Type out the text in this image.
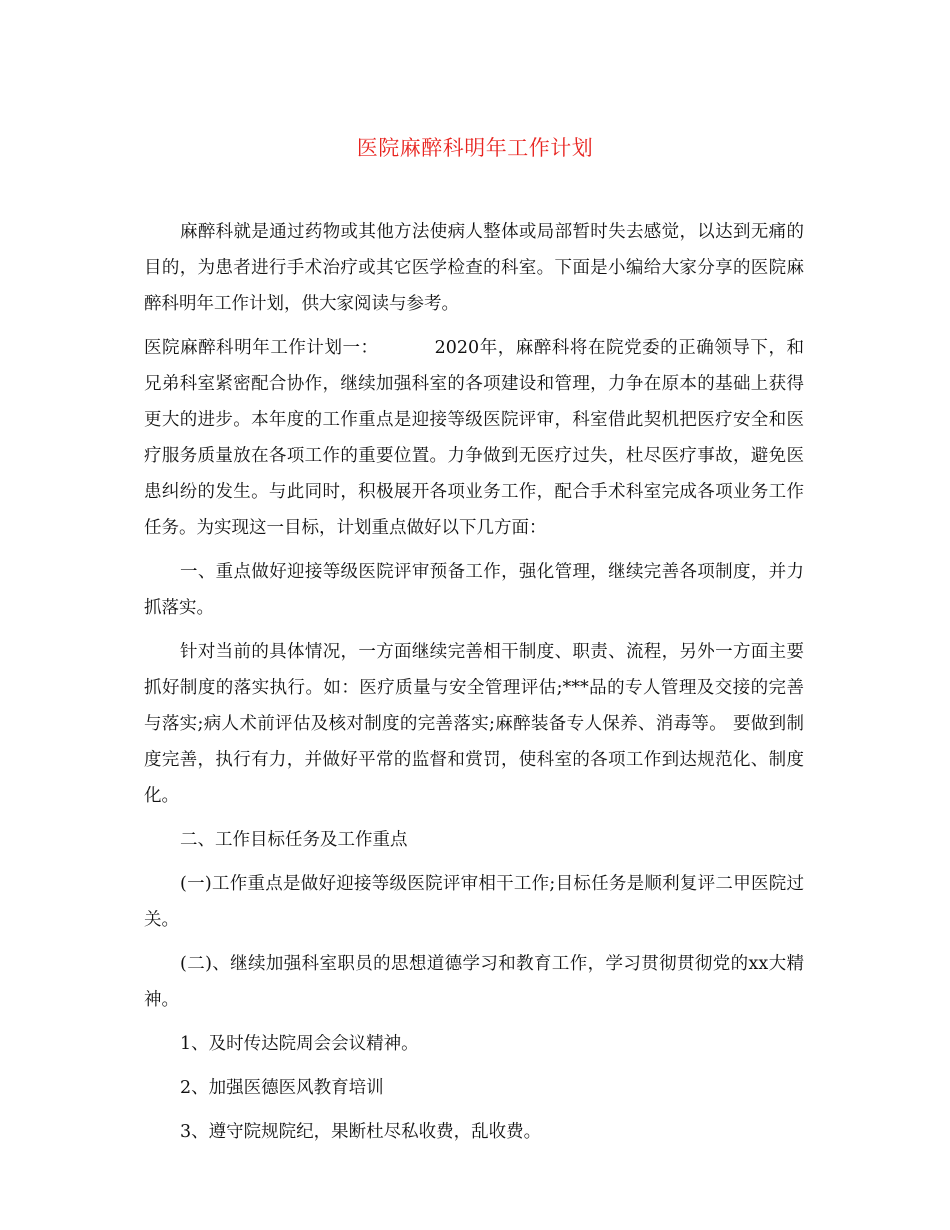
医院麻醉科明年工作计划

麻醉科就是通过药物或其他方法使病人整体或局部暂时失去感觉，以达到无痛的目的，为患者进行手术治疗或其它医学检查的科室。下面是小编给大家分享的医院麻醉科明年工作计划，供大家阅读与参考。

医院麻醉科明年工作计划一：	2020年，麻醉科将在院党委的正确领导下，和兄弟科室紧密配合协作，继续加强科室的各项建设和管理，力争在原本的基础上获得更大的进步。本年度的工作重点是迎接等级医院评审，科室借此契机把医疗安全和医疗服务质量放在各项工作的重要位置。力争做到无医疗过失，杜尽医疗事故，避免医患纠纷的发生。与此同时，积极展开各项业务工作，配合手术科室完成各项业务工作任务。为实现这一目标，计划重点做好以下几方面：

一、重点做好迎接等级医院评审预备工作，强化管理，继续完善各项制度，并力抓落实。

针对当前的具体情况，一方面继续完善相干制度、职责、流程，另外一方面主要抓好制度的落实执行。如：医疗质量与安全管理评估;***品的专人管理及交接的完善与落实;病人术前评估及核对制度的完善落实;麻醉装备专人保养、消毒等。 要做到制度完善，执行有力，并做好平常的监督和赏罚，使科室的各项工作到达规范化、制度化。

二、工作目标任务及工作重点

(一)工作重点是做好迎接等级医院评审相干工作;目标任务是顺利复评二甲医院过关。

(二)、继续加强科室职员的思想道德学习和教育工作，学习贯彻贯彻党的xx大精神。

1、及时传达院周会会议精神。

2、加强医德医风教育培训

3、遵守院规院纪，果断杜尽私收费，乱收费。
